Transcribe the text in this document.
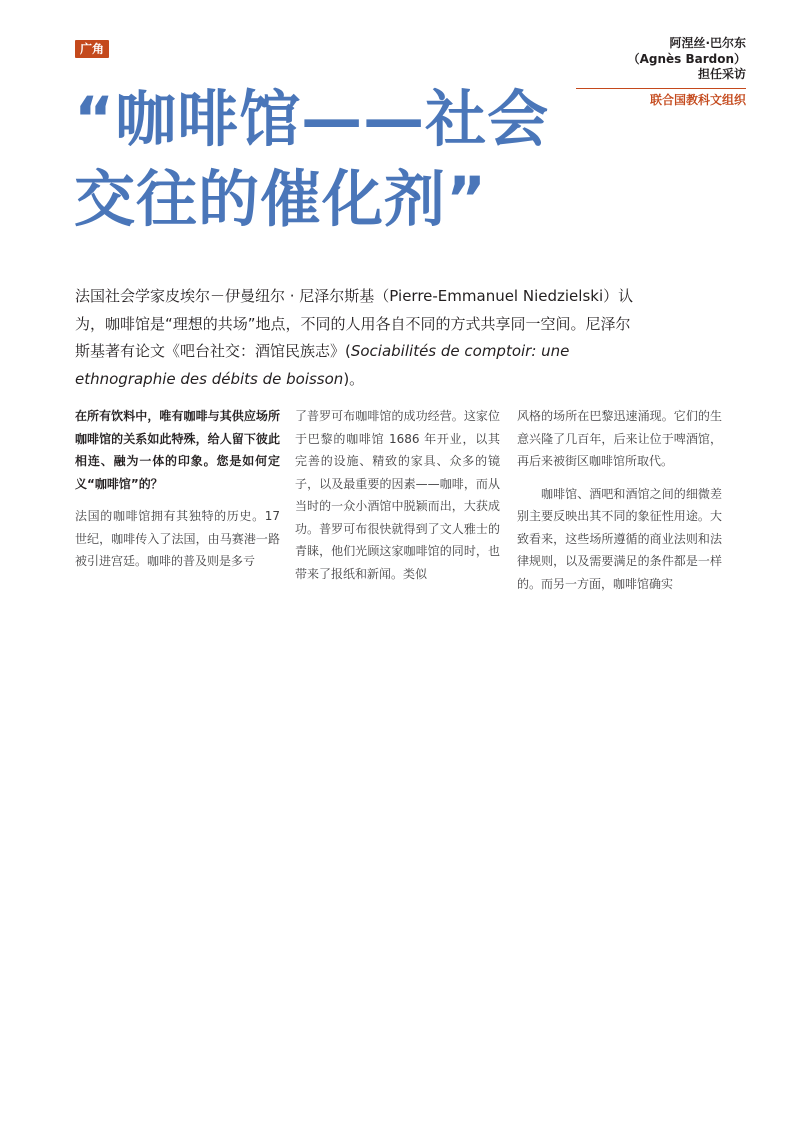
广角	阿涅丝·巴尔东
（Agnès Bardon）
担任采访
联合国教科文组织
“咖啡馆——社会
交往的催化剂”
法国社会学家皮埃尔－伊曼纽尔 · 尼泽尔斯基（Pierre-Emmanuel Niedzielski）认为，咖啡馆是“理想的共场”地点，不同的人用各自不同的方式共享同一空间。尼泽尔斯基著有论文《吧台社交：酒馆民族志》(Sociabilités de comptoir: une ethnographie des débits de boisson)。

在所有饮料中，唯有咖啡与其供应场所咖啡馆的关系如此特殊，给人留下彼此相连、融为一体的印象。您是如何定义“咖啡馆”的？

法国的咖啡馆拥有其独特的历史。17世纪，咖啡传入了法国，由马赛港一路被引进宫廷。咖啡的普及则是多亏

了普罗可布咖啡馆的成功经营。这家位于巴黎的咖啡馆 1686 年开业，以其完善的设施、精致的家具、众多的镜子，以及最重要的因素——咖啡，而从当时的一众小酒馆中脱颖而出，大获成功。普罗可布很快就得到了文人雅士的青睐，他们光顾这家咖啡馆的同时，也带来了报纸和新闻。类似

风格的场所在巴黎迅速涌现。它们的生意兴隆了几百年，后来让位于啤酒馆，再后来被街区咖啡馆所取代。

咖啡馆、酒吧和酒馆之间的细微差别主要反映出其不同的象征性用途。大致看来，这些场所遵循的商业法则和法律规则，以及需要满足的条件都是一样的。而另一方面，咖啡馆确实
